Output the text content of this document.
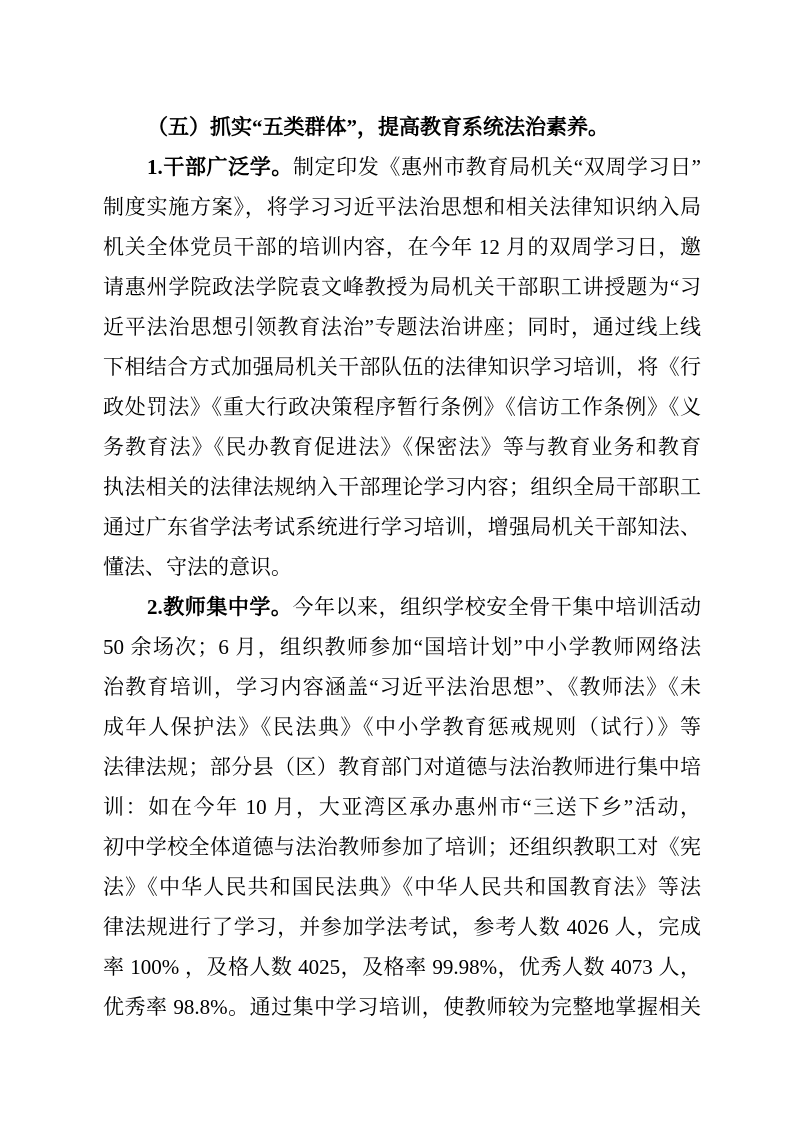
（五）抓实“五类群体”，提高教育系统法治素养。
1.干部广泛学。制定印发《惠州市教育局机关“双周学习日”
制度实施方案》，将学习习近平法治思想和相关法律知识纳入局
机关全体党员干部的培训内容，在今年 12 月的双周学习日，邀
请惠州学院政法学院袁文峰教授为局机关干部职工讲授题为“习
近平法治思想引领教育法治”专题法治讲座；同时，通过线上线
下相结合方式加强局机关干部队伍的法律知识学习培训，将《行
政处罚法》《重大行政决策程序暂行条例》《信访工作条例》《义
务教育法》《民办教育促进法》《保密法》等与教育业务和教育
执法相关的法律法规纳入干部理论学习内容；组织全局干部职工
通过广东省学法考试系统进行学习培训，增强局机关干部知法、
懂法、守法的意识。
2.教师集中学。今年以来，组织学校安全骨干集中培训活动
50 余场次；6 月，组织教师参加“国培计划”中小学教师网络法
治教育培训，学习内容涵盖“习近平法治思想”、《教师法》《未
成年人保护法》《民法典》《中小学教育惩戒规则（试行）》等
法律法规；部分县（区）教育部门对道德与法治教师进行集中培
训：如在今年 10 月，大亚湾区承办惠州市“三送下乡”活动，
初中学校全体道德与法治教师参加了培训；还组织教职工对《宪
法》《中华人民共和国民法典》《中华人民共和国教育法》等法
律法规进行了学习，并参加学法考试，参考人数 4026 人，完成
率 100% ，及格人数 4025，及格率 99.98%，优秀人数 4073 人，
优秀率 98.8%。通过集中学习培训，使教师较为完整地掌握相关
